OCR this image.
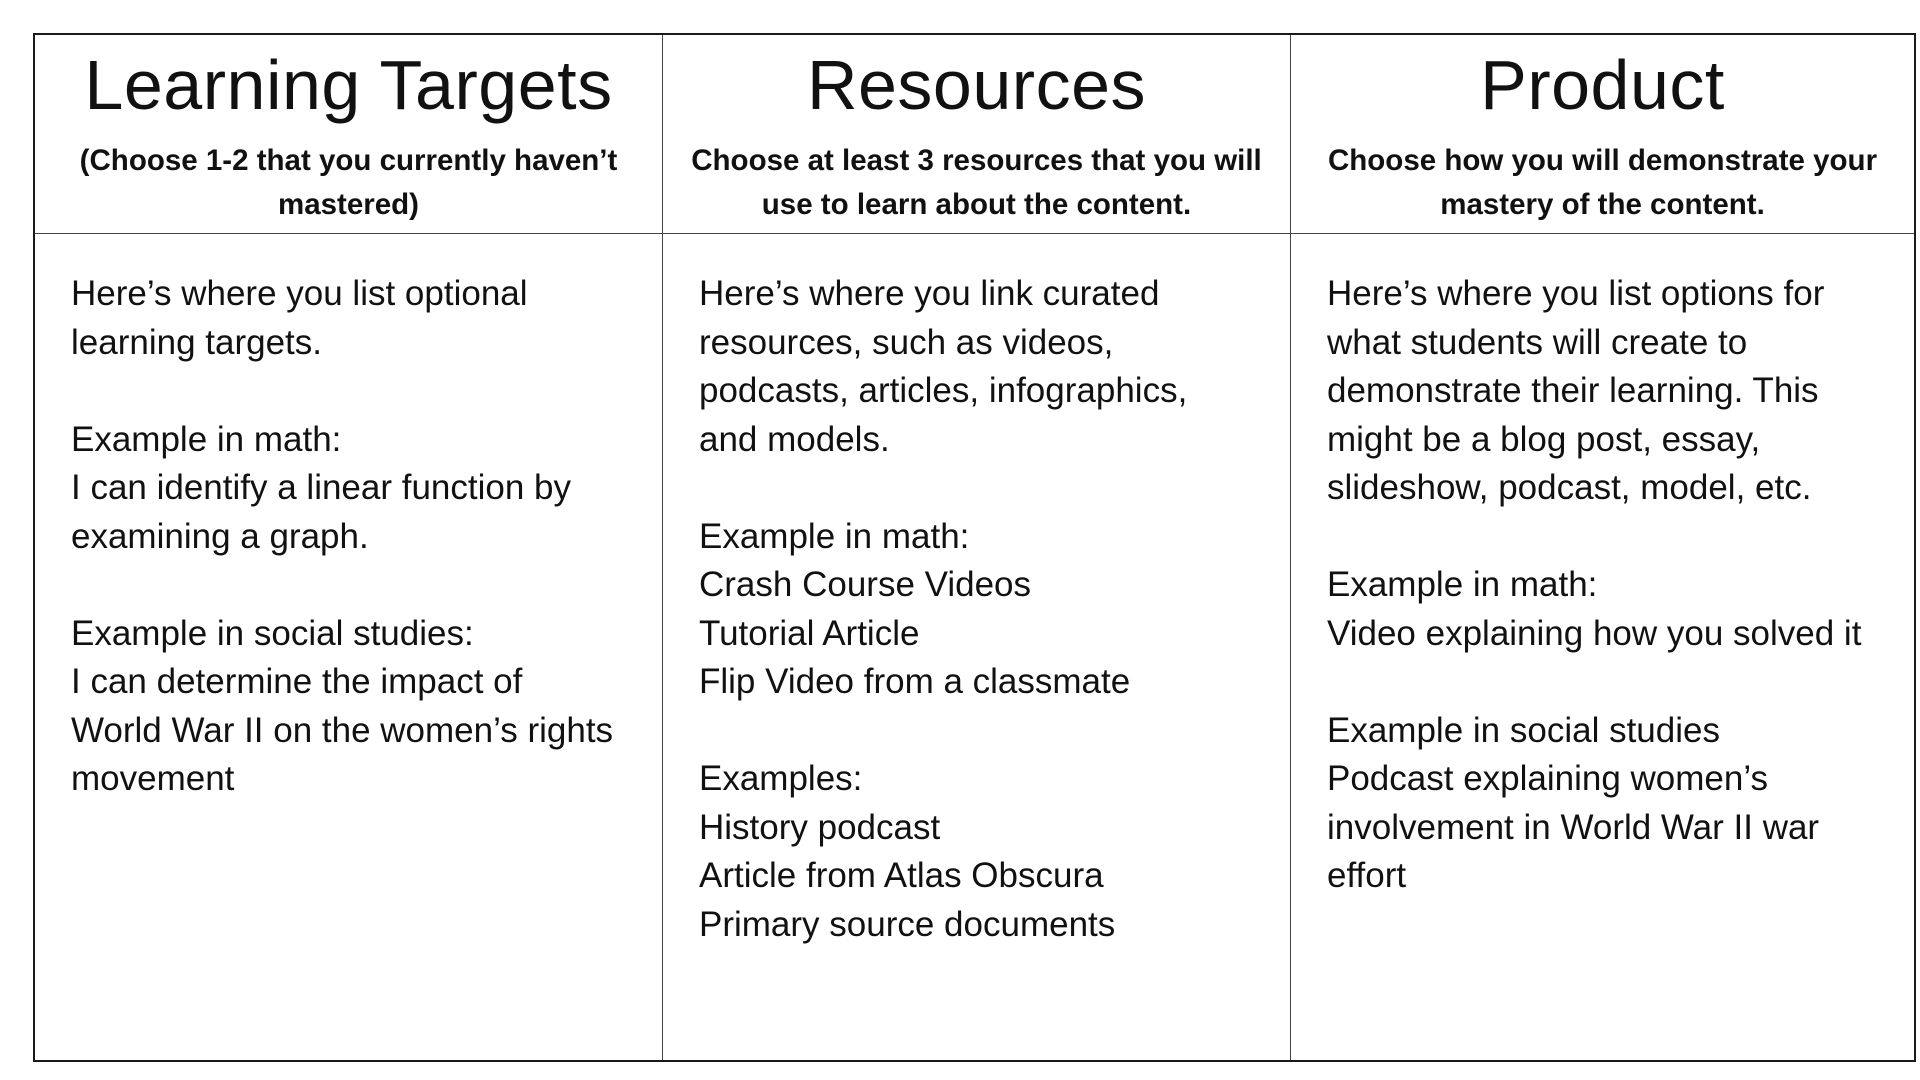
Learning Targets
(Choose 1-2 that you currently haven’t mastered)
Resources
Choose at least 3 resources that you will use to learn about the content.
Product
Choose how you will demonstrate your mastery of the content.

Here’s where you list optional
learning targets.

Example in math:
I can identify a linear function by
examining a graph.

Example in social studies:
I can determine the impact of
World War II on the women’s rights
movement

Here’s where you link curated
resources, such as videos,
podcasts, articles, infographics,
and models.

Example in math:
Crash Course Videos
Tutorial Article
Flip Video from a classmate

Examples:
History podcast
Article from Atlas Obscura
Primary source documents

Here’s where you list options for
what students will create to
demonstrate their learning. This
might be a blog post, essay,
slideshow, podcast, model, etc.

Example in math:
Video explaining how you solved it

Example in social studies
Podcast explaining women’s
involvement in World War II war
effort
